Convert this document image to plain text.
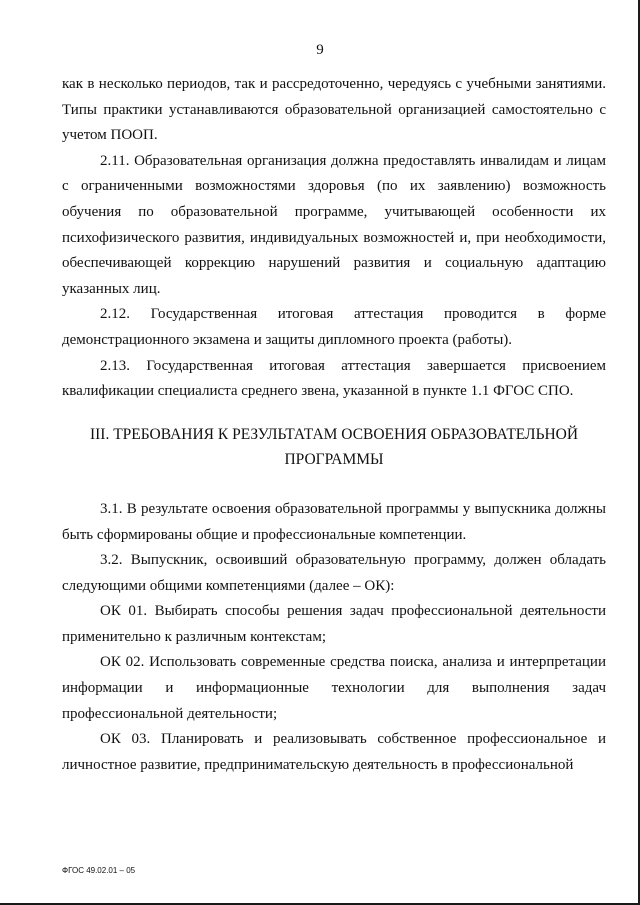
9

как в несколько периодов, так и рассредоточенно, чередуясь с учебными занятиями. Типы практики устанавливаются образовательной организацией самостоятельно с учетом ПООП.

2.11. Образовательная организация должна предоставлять инвалидам и лицам с ограниченными возможностями здоровья (по их заявлению) возможность обучения по образовательной программе, учитывающей особенности их психофизического развития, индивидуальных возможностей и, при необходимости, обеспечивающей коррекцию нарушений развития и социальную адаптацию указанных лиц.

2.12. Государственная итоговая аттестация проводится в форме демонстрационного экзамена и защиты дипломного проекта (работы).

2.13. Государственная итоговая аттестация завершается присвоением квалификации специалиста среднего звена, указанной в пункте 1.1 ФГОС СПО.

III. ТРЕБОВАНИЯ К РЕЗУЛЬТАТАМ ОСВОЕНИЯ ОБРАЗОВАТЕЛЬНОЙ ПРОГРАММЫ

3.1. В результате освоения образовательной программы у выпускника должны быть сформированы общие и профессиональные компетенции.

3.2. Выпускник, освоивший образовательную программу, должен обладать следующими общими компетенциями (далее – ОК):

ОК 01. Выбирать способы решения задач профессиональной деятельности применительно к различным контекстам;

ОК 02. Использовать современные средства поиска, анализа и интерпретации информации и информационные технологии для выполнения задач профессиональной деятельности;

ОК 03. Планировать и реализовывать собственное профессиональное и личностное развитие, предпринимательскую деятельность в профессиональной

ФГОС 49.02.01 – 05
